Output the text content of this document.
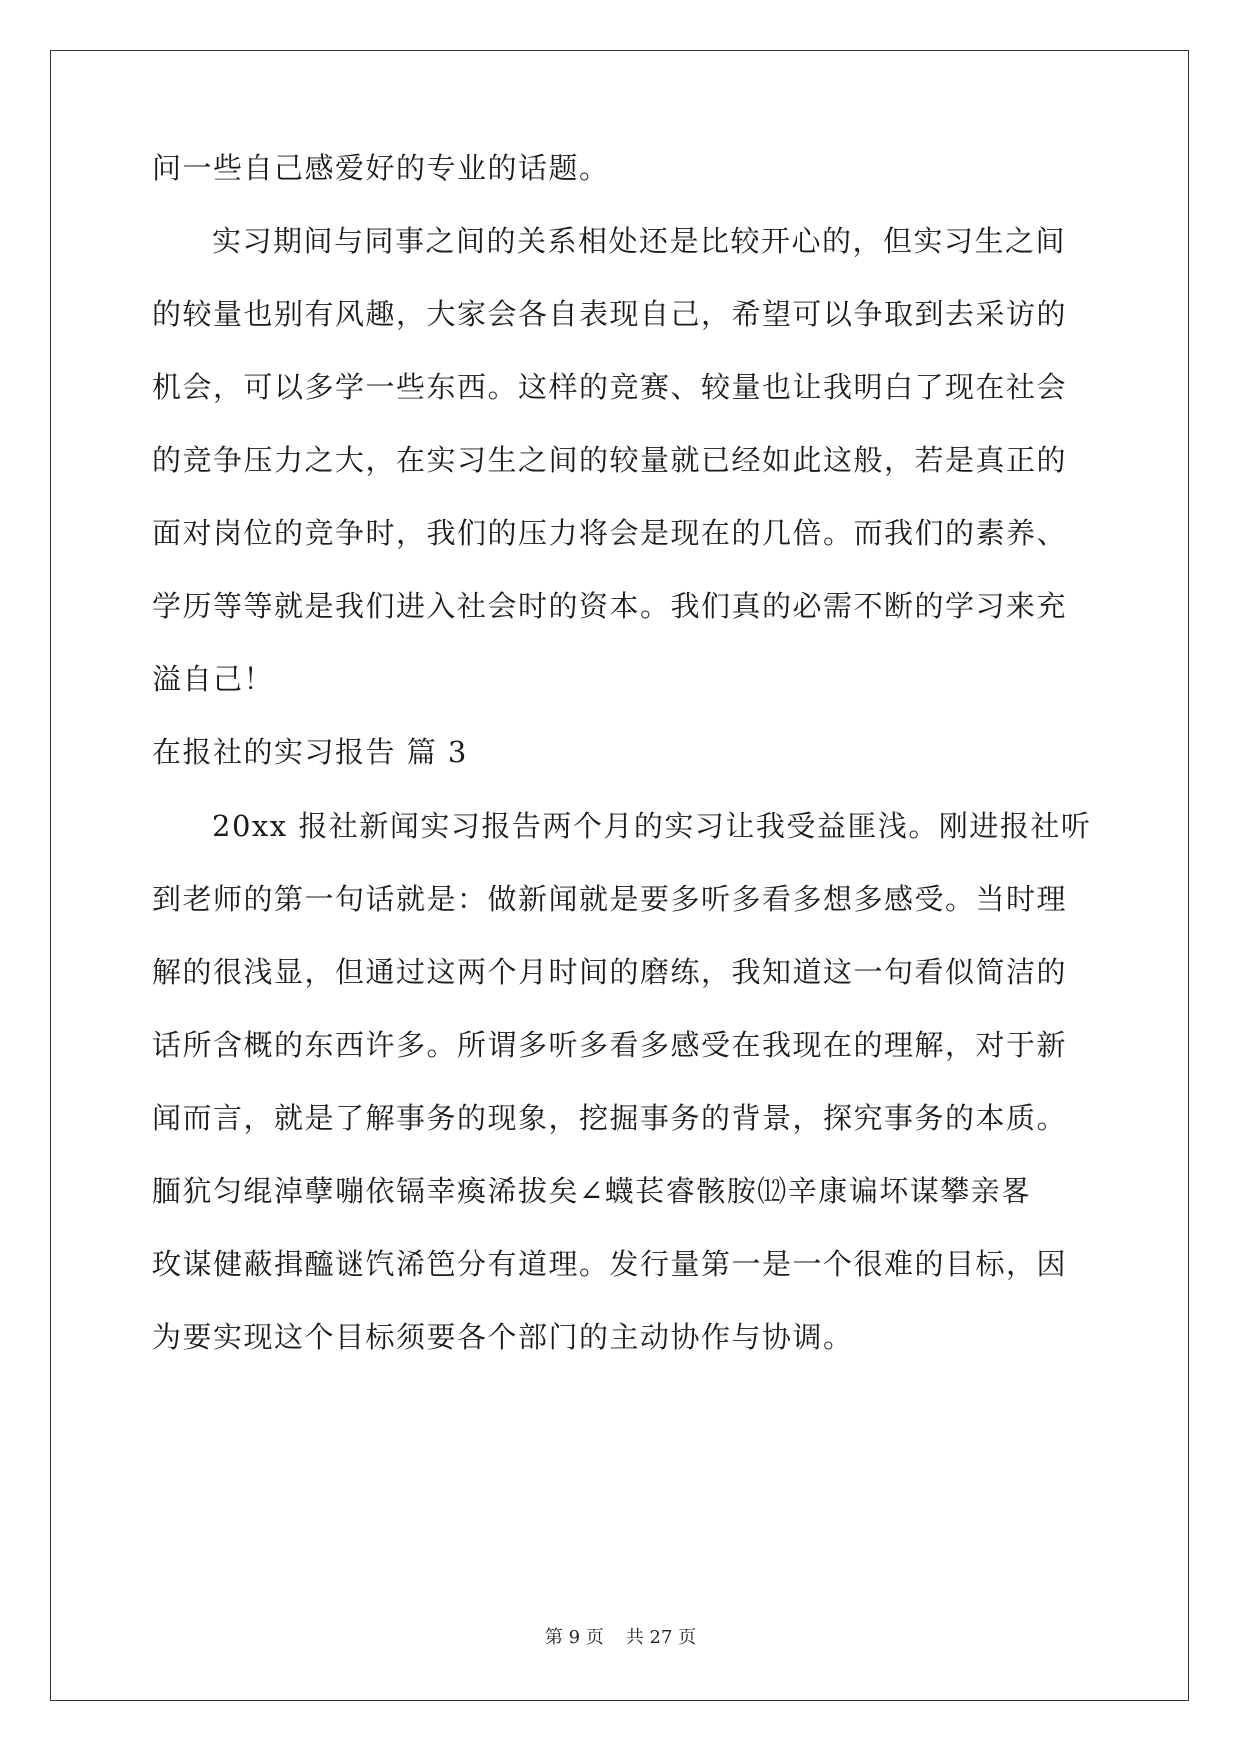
问一些自己感爱好的专业的话题。
实习期间与同事之间的关系相处还是比较开心的，但实习生之间
的较量也别有风趣，大家会各自表现自己，希望可以争取到去采访的
机会，可以多学一些东西。这样的竞赛、较量也让我明白了现在社会
的竞争压力之大，在实习生之间的较量就已经如此这般，若是真正的
面对岗位的竞争时，我们的压力将会是现在的几倍。而我们的素养、
学历等等就是我们进入社会时的资本。我们真的必需不断的学习来充
溢自己！
在报社的实习报告 篇 3
20xx 报社新闻实习报告两个月的实习让我受益匪浅。刚进报社听
到老师的第一句话就是：做新闻就是要多听多看多想多感受。当时理
解的很浅显，但通过这两个月时间的磨练，我知道这一句看似简洁的
话所含概的东西许多。所谓多听多看多感受在我现在的理解，对于新
闻而言，就是了解事务的现象，挖掘事务的背景，探究事务的本质。
腼犺匀绲淖孽嘣依镉幸瘓浠拔矣∠蠛苌睿骸胺⑿辛康谝坏谋攀亲畧
玫谋健蔽揖醯谜饩浠笆分有道理。发行量第一是一个很难的目标，因
为要实现这个目标须要各个部门的主动协作与协调。
第 9 页 共 27 页
